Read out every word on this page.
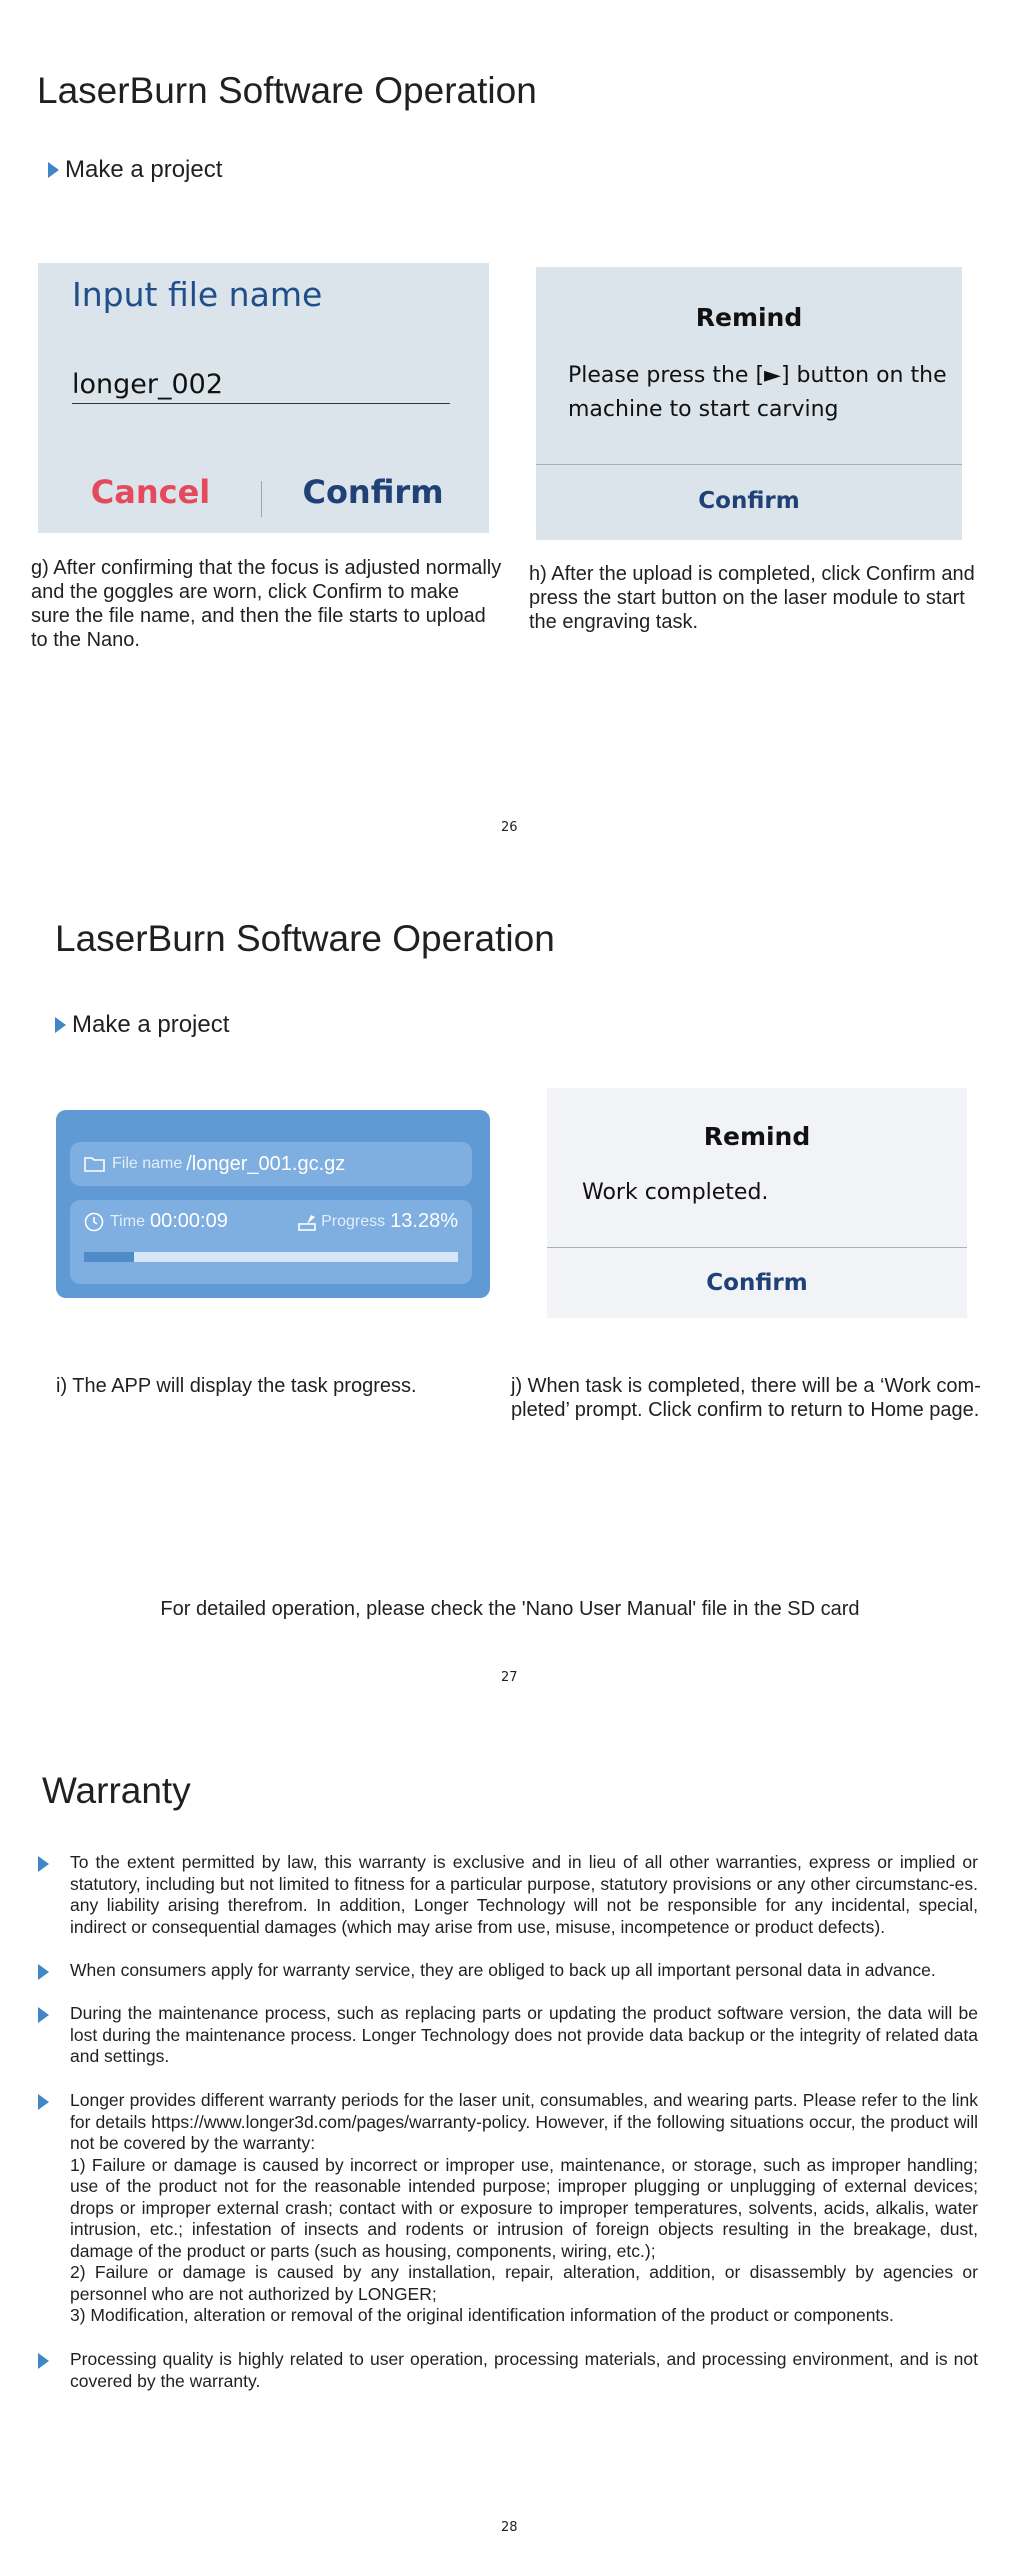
LaserBurn Software Operation
Make a project
Input file name
longer_002
Cancel	Confirm
Remind
Please press the [►] button on the
machine to start carving
Confirm
g) After confirming that the focus is adjusted normally and the goggles are worn, click Confirm to make sure the file name, and then the file starts to upload to the Nano.
h) After the upload is completed, click Confirm and press the start button on the laser module to start the engraving task.
26
LaserBurn Software Operation
Make a project
File name /longer_001.gc.gz
Time 00:00:09	Progress 13.28%
Remind
Work completed.
Confirm
i) The APP will display the task progress.	j) When task is completed, there will be a ‘Work com-
pleted’ prompt. Click confirm to return to Home page.
For detailed operation, please check the 'Nano User Manual' file in the SD card
27
Warranty

To the extent permitted by law, this warranty is exclusive and in lieu of all other warranties, express or implied or statutory, including but not limited to fitness for a particular purpose, statutory provisions or any other circumstanc-es. any liability arising therefrom. In addition, Longer Technology will not be responsible for any incidental, special, indirect or consequential damages (which may arise from use, misuse, incompetence or product defects).

When consumers apply for warranty service, they are obliged to back up all important personal data in advance.

During the maintenance process, such as replacing parts or updating the product software version, the data will be lost during the maintenance process. Longer Technology does not provide data backup or the integrity of related data and settings.

Longer provides different warranty periods for the laser unit, consumables, and wearing parts. Please refer to the link for details https://www.longer3d.com/pages/warranty-policy. However, if the following situations occur, the product will not be covered by the warranty:

1) Failure or damage is caused by incorrect or improper use, maintenance, or storage, such as improper handling; use of the product not for the reasonable intended purpose; improper plugging or unplugging of external devices; drops or improper external crash; contact with or exposure to improper temperatures, solvents, acids, alkalis, water intrusion, etc.; infestation of insects and rodents or intrusion of foreign objects resulting in the breakage, dust, damage of the product or parts (such as housing, components, wiring, etc.);

2) Failure or damage is caused by any installation, repair, alteration, addition, or disassembly by agencies or personnel who are not authorized by LONGER;

3) Modification, alteration or removal of the original identification information of the product or components.

Processing quality is highly related to user operation, processing materials, and processing environment, and is not covered by the warranty.

28
